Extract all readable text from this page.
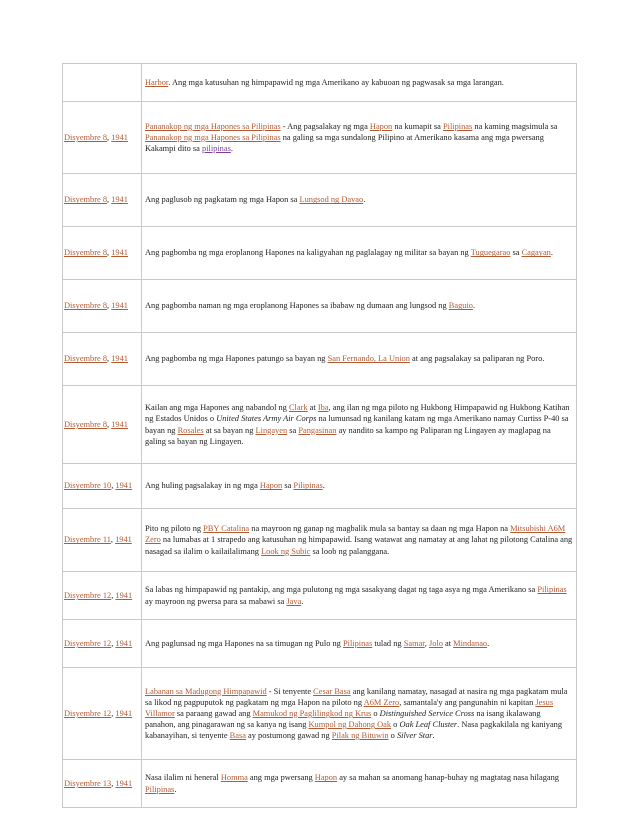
	Harbor. Ang mga katusuhan ng himpapawid ng mga Amerikano ay kabuoan ng pagwasak sa mga larangan.
Disyembre 8, 1941	Pananakop ng mga Hapones sa Pilipinas - Ang pagsalakay ng mga Hapon na kumapit sa Pilipinas na kaming magsimula sa Pananakop ng mga Hapones sa Pilipinas na galing sa mga sundalong Pilipino at Amerikano kasama ang mga pwersang Kakampi dito sa pilipinas.
Disyembre 8, 1941	Ang paglusob ng pagkatam ng mga Hapon sa Lungsod ng Davao.
Disyembre 8, 1941	Ang pagbomba ng mga eroplanong Hapones na kaligyahan ng paglalagay ng militar sa bayan ng Tuguegarao sa Cagayan.
Disyembre 8, 1941	Ang pagbomba naman ng mga eroplanong Hapones sa ibabaw ng dumaan ang lungsod ng Baguio.
Disyembre 8, 1941	Ang pagbomba ng mga Hapones patungo sa bayan ng San Fernando, La Union at ang pagsalakay sa paliparan ng Poro.
Disyembre 8, 1941	Kailan ang mga Hapones ang nabandol ng Clark at Iba, ang ilan ng mga piloto ng Hukbong Himpapawid ng Hukbong Katihan ng Estados Unidos o United States Army Air Corps na lumunsad ng kanilang katam ng mga Amerikano namay Curtiss P-40 sa bayan ng Rosales at sa bayan ng Lingayen sa Pangasinan ay nandito sa kampo ng Paliparan ng Lingayen ay maglapag na galing sa bayan ng Lingayen.
Disyembre 10, 1941	Ang huling pagsalakay in ng mga Hapon sa Pilipinas.
Disyembre 11, 1941	Pito ng piloto ng PBY Catalina na mayroon ng ganap ng magbalik mula sa bantay sa daan ng mga Hapon na Mitsubishi A6M Zero na lumabas at 1 strapedo ang katusuhan ng himpapawid. Isang watawat ang namatay at ang lahat ng pilotong Catalina ang nasagad sa ilalim o kailailalimang Look ng Subic sa loob ng palanggana.
Disyembre 12, 1941	Sa labas ng himpapawid ng pantakip, ang mga pulutong ng mga sasakyang dagat ng taga asya ng mga Amerikano sa Pilipinas ay mayroon ng pwersa para sa mabawi sa Java.
Disyembre 12, 1941	Ang paglunsad ng mga Hapones na sa timugan ng Pulo ng Pilipinas tulad ng Samar, Jolo at Mindanao.
Disyembre 12, 1941	Labanan sa Madugong Himpapawid - Si tenyente Cesar Basa ang kanilang namatay, nasagad at nasira ng mga pagkatam mula sa likod ng pagpuputok ng pagkatam ng mga Hapon na piloto ng A6M Zero, samantala'y ang pangunahin ni kapitan Jesus Villamor sa paraang gawad ang Mamukod ng Paglilingkod ng Krus o Distinguished Service Cross na isang ikalawang panahon, ang pinagarawan ng sa kanya ng isang Kumpol ng Dahong Oak o Oak Leaf Cluster. Nasa pagkakilala ng kaniyang kabanayihan, si tenyente Basa ay postumong gawad ng Pilak ng Bituwin o Silver Star.
Disyembre 13, 1941	Nasa ilalim ni heneral Homma ang mga pwersang Hapon ay sa mahan sa anomang hanap-buhay ng magtatag nasa hilagang Pilipinas.
